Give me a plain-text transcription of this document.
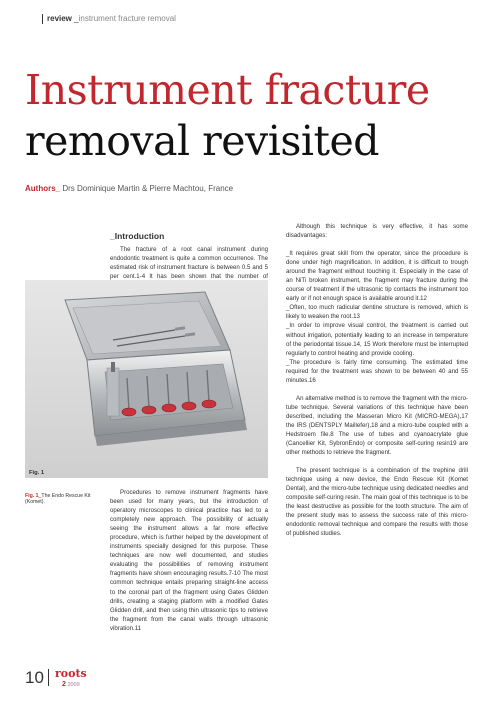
review _instrument fracture removal
Instrument fracture
removal revisited
Authors_ Drs Dominique Martin & Pierre Machtou, France

_Introduction

The fracture of a root canal instrument during endodontic treatment is quite a common occurrence. The estimated risk of instrument fracture is between 0.5 and 5 per cent.1-4 It has been shown that the number of

Fig. 1
Fig. 1_The Endo Rescue Kit (Komet).

Procedures to remove instrument fragments have been used for many years, but the introduction of operatory microscopes to clinical practice has led to a completely new approach. The possibility of actually seeing the instrument allows a far more effective procedure, which is further helped by the development of instruments specially designed for this purpose. These techniques are now well documented, and studies evaluating the possibilities of removing instrument fragments have shown encouraging results.7-10 The most common technique entails preparing straight-line access to the coronal part of the fragment using Gates Glidden drills, creating a staging platform with a modified Gates Glidden drill, and then using thin ultrasonic tips to retrieve the fragment from the canal walls through ultrasonic vibration.11

Although this technique is very effective, it has some disadvantages:

_It requires great skill from the operator, since the procedure is done under high magnification. In addition, it is difficult to trough around the fragment without touching it. Especially in the case of an NiTi broken instrument, the fragment may fracture during the course of treatment if the ultrasonic tip contacts the instrument too early or if not enough space is available around it.12

_Often, too much radicular dentine structure is removed, which is likely to weaken the root.13

_In order to improve visual control, the treatment is carried out without irrigation, potentially leading to an increase in temperature of the periodontal tissue.14, 15 Work therefore must be interrupted regularly to control heating and provide cooling.

_The procedure is fairly time consuming. The estimated time required for the treatment was shown to be between 40 and 55 minutes.16

An alternative method is to remove the fragment with the micro-tube technique. Several variations of this technique have been described, including the Masseran Micro Kit (MICRO-MEGA),17 the IRS (DENTSPLY Maillefer),18 and a micro-tube coupled with a Hedstroem file.8 The use of tubes and cyanoacrylate glue (Cancellier Kit, SybronEndo) or composite self-curing resin19 are other methods to retrieve the fragment.

The present technique is a combination of the trephine drill technique using a new device, the Endo Rescue Kit (Komet Dental), and the micro-tube technique using dedicated needles and composite self-curing resin. The main goal of this technique is to be the least destructive as possible for the tooth structure. The aim of the present study was to assess the success rate of this micro-endodontic removal technique and compare the results with those of published studies.

10 roots
2 2009
